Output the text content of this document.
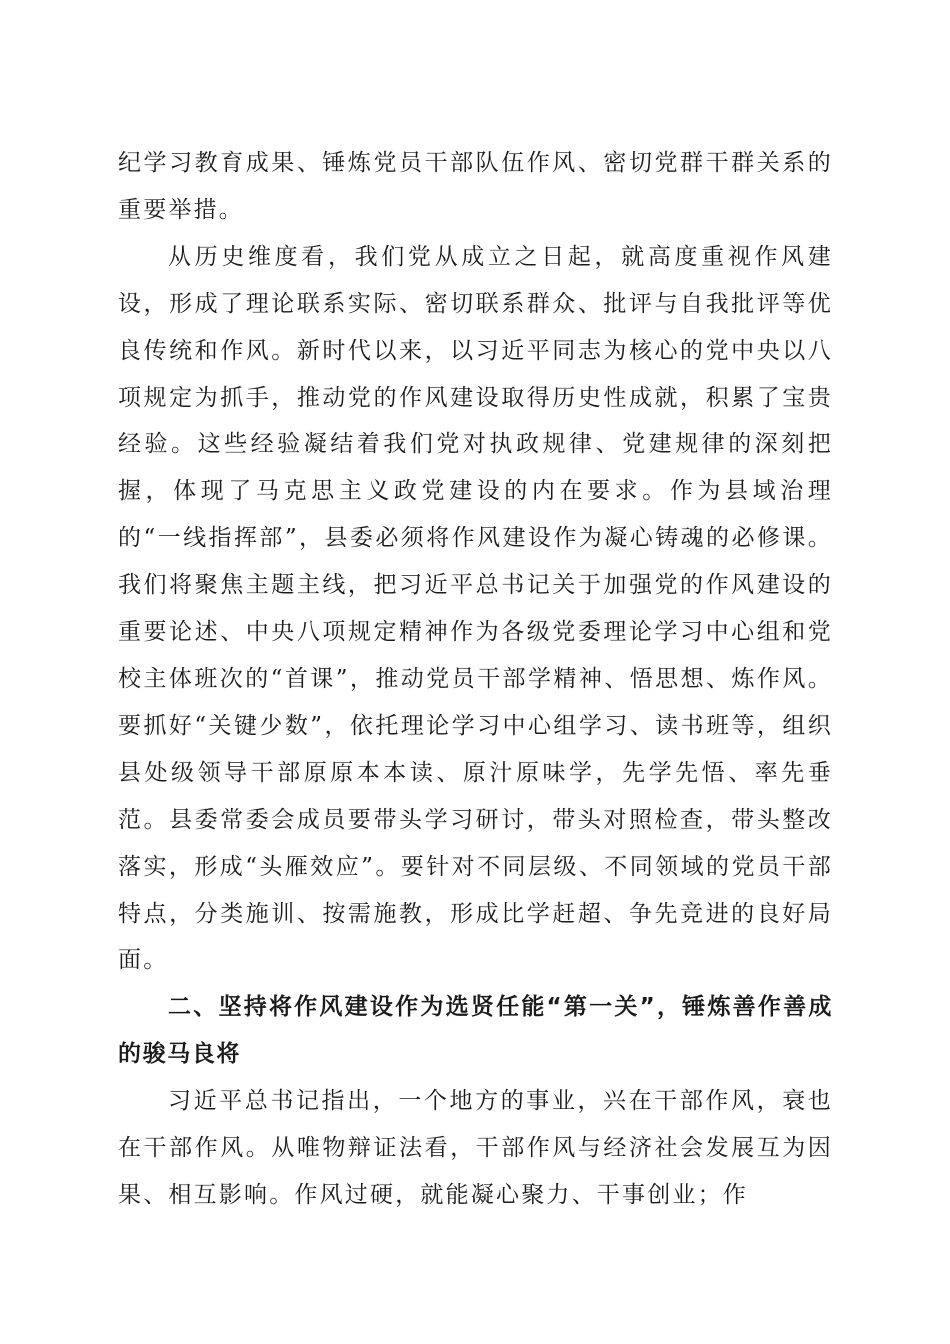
纪学习教育成果、锤炼党员干部队伍作风、密切党群干群关系的重要举措。

从历史维度看，我们党从成立之日起，就高度重视作风建设，形成了理论联系实际、密切联系群众、批评与自我批评等优良传统和作风。新时代以来，以习近平同志为核心的党中央以八项规定为抓手，推动党的作风建设取得历史性成就，积累了宝贵经验。这些经验凝结着我们党对执政规律、党建规律的深刻把握，体现了马克思主义政党建设的内在要求。作为县域治理的“一线指挥部”，县委必须将作风建设作为凝心铸魂的必修课。我们将聚焦主题主线，把习近平总书记关于加强党的作风建设的重要论述、中央八项规定精神作为各级党委理论学习中心组和党校主体班次的“首课”，推动党员干部学精神、悟思想、炼作风。要抓好“关键少数”，依托理论学习中心组学习、读书班等，组织县处级领导干部原原本本读、原汁原味学，先学先悟、率先垂范。县委常委会成员要带头学习研讨，带头对照检查，带头整改落实，形成“头雁效应”。要针对不同层级、不同领域的党员干部特点，分类施训、按需施教，形成比学赶超、争先竞进的良好局面。

二、坚持将作风建设作为选贤任能“第一关”，锤炼善作善成的骏马良将

习近平总书记指出，一个地方的事业，兴在干部作风，衰也在干部作风。从唯物辩证法看，干部作风与经济社会发展互为因果、相互影响。作风过硬，就能凝心聚力、干事创业；作
